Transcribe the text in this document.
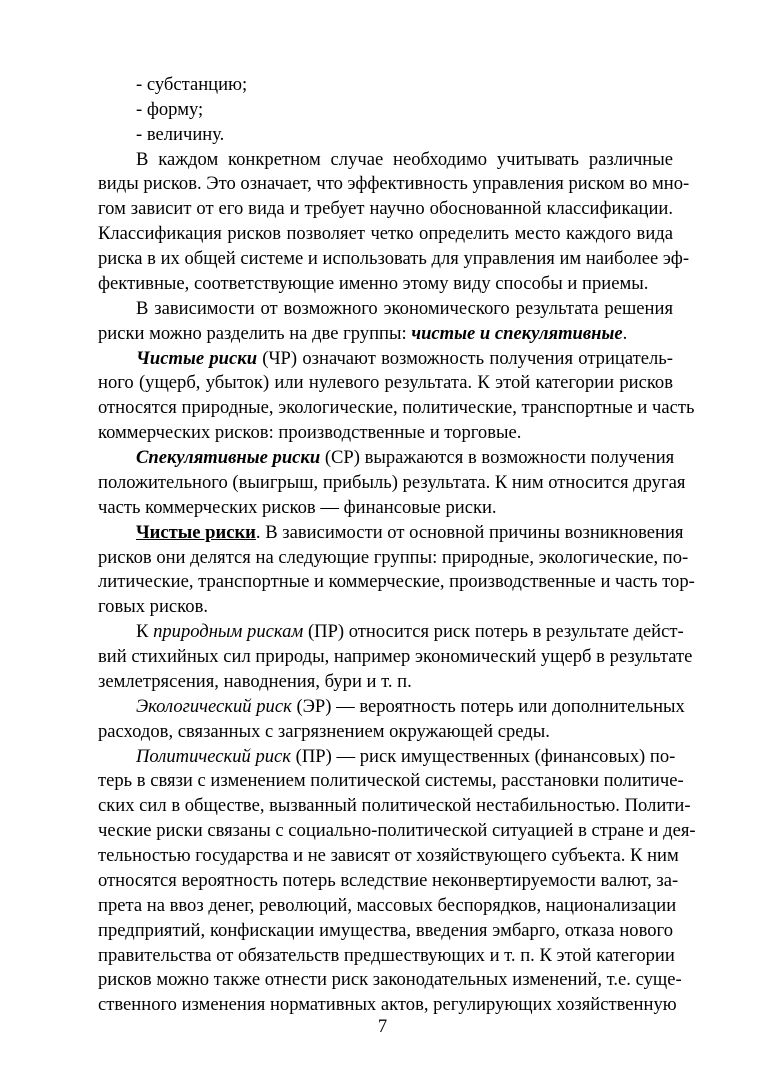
- субстанцию;
- форму;
- величину.
В каждом конкретном случае необходимо учитывать различные
виды рисков. Это означает, что эффективность управления риском во мно-
гом зависит от его вида и требует научно обоснованной классификации.
Классификация рисков позволяет четко определить место каждого вида
риска в их общей системе и использовать для управления им наиболее эф-
фективные, соответствующие именно этому виду способы и приемы.
В зависимости от возможного экономического результата решения
риски можно разделить на две группы: чистые и спекулятивные.
Чистые риски (ЧР) означают возможность получения отрицатель-
ного (ущерб, убыток) или нулевого результата. К этой категории рисков
относятся природные, экологические, политические, транспортные и часть
коммерческих рисков: производственные и торговые.
Спекулятивные риски (СР) выражаются в возможности получения
положительного (выигрыш, прибыль) результата. К ним относится другая
часть коммерческих рисков — финансовые риски.
Чистые риски. В зависимости от основной причины возникновения
рисков они делятся на следующие группы: природные, экологические, по-
литические, транспортные и коммерческие, производственные и часть тор-
говых рисков.
К природным рискам (ПР) относится риск потерь в результате дейст-
вий стихийных сил природы, например экономический ущерб в результате
землетрясения, наводнения, бури и т. п.
Экологический риск (ЭР) — вероятность потерь или дополнительных
расходов, связанных с загрязнением окружающей среды.
Политический риск (ПР) — риск имущественных (финансовых) по-
терь в связи с изменением политической системы, расстановки политиче-
ских сил в обществе, вызванный политической нестабильностью. Полити-
ческие риски связаны с социально-политической ситуацией в стране и дея-
тельностью государства и не зависят от хозяйствующего субъекта. К ним
относятся вероятность потерь вследствие неконвертируемости валют, за-
прета на ввоз денег, революций, массовых беспорядков, национализации
предприятий, конфискации имущества, введения эмбарго, отказа нового
правительства от обязательств предшествующих и т. п. К этой категории
рисков можно также отнести риск законодательных изменений, т.е. суще-
ственного изменения нормативных актов, регулирующих хозяйственную
7
